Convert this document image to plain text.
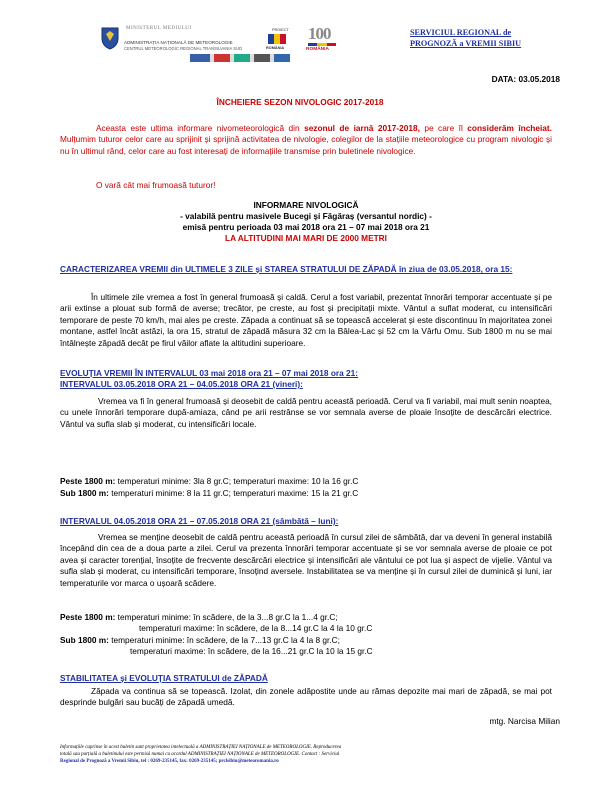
MINISTERUL MEDIULUI
ADMINISTRAȚIA NAȚIONALĂ DE METEOROLOGIE
CENTRUL METEOROLOGIC REGIONAL TRANSILVANIA SUD
PROIECT
ROMÂNIA
100
ROMÂNIA
SERVICIUL REGIONAL de
PROGNOZĂ a VREMII SIBIU
DATA: 03.05.2018
ÎNCHEIERE SEZON NIVOLOGIC 2017-2018
Aceasta este ultima informare nivometeorologică din sezonul de iarnă 2017-2018, pe care îl considerăm încheiat. Mulțumim tuturor celor care au sprijinit și sprijină activitatea de nivologie, colegilor de la stațiile meteorologice cu program nivologic și nu în ultimul rând, celor care au fost interesați de informațiile transmise prin buletinele nivologice.
O vară cât mai frumoasă tuturor!
INFORMARE NIVOLOGICĂ
- valabilă pentru masivele Bucegi și Făgăraș (versantul nordic) -
emisă pentru perioada 03 mai 2018 ora 21 – 07 mai 2018 ora 21
LA ALTITUDINI MAI MARI DE 2000 METRI
CARACTERIZAREA VREMII din ULTIMELE 3 ZILE și STAREA STRATULUI DE ZĂPADĂ în ziua de 03.05.2018, ora 15:
În ultimele zile vremea a fost în general frumoasă și caldă. Cerul a fost variabil, prezentat înnorări temporar accentuate și pe arii extinse a plouat sub formă de averse; trecător, pe creste, au fost și precipitații mixte. Vântul a suflat moderat, cu intensificări temporare de peste 70 km/h, mai ales pe creste. Zăpada a continuat să se topească accelerat și este discontinuu în majoritatea zonei montane, astfel încât astăzi, la ora 15, stratul de zăpadă măsura 32 cm la Bâlea-Lac și 52 cm la Vârfu Omu. Sub 1800 m nu se mai întâlnește zăpadă decât pe firul văilor aflate la altitudini superioare.
EVOLUȚIA VREMII ÎN INTERVALUL 03 mai 2018 ora 21 – 07 mai 2018 ora 21:
INTERVALUL 03.05.2018 ORA 21 – 04.05.2018 ORA 21 (vineri):
Vremea va fi în general frumoasă și deosebit de caldă pentru această perioadă. Cerul va fi variabil, mai mult senin noaptea, cu unele înnorări temporare după-amiaza, când pe arii restrânse se vor semnala averse de ploaie însoțite de descărcări electrice. Vântul va sufla slab și moderat, cu intensificări locale.
Peste 1800 m: temperaturi minime: 3la 8 gr.C; temperaturi maxime: 10 la 16 gr.C
Sub 1800 m: temperaturi minime: 8 la 11 gr.C; temperaturi maxime: 15 la 21 gr.C
INTERVALUL 04.05.2018 ORA 21 – 07.05.2018 ORA 21 (sâmbătă – luni):
Vremea se menține deosebit de caldă pentru această perioadă în cursul zilei de sâmbătă, dar va deveni în general instabilă începând din cea de a doua parte a zilei. Cerul va prezenta înnorări temporar accentuate și se vor semnala averse de ploaie ce pot avea și caracter torențial, însoțite de frecvente descărcări electrice și intensificări ale vântului ce pot lua și aspect de vijelie. Vântul va sufla slab și moderat, cu intensificări temporare, însoțind aversele. Instabilitatea se va menține și în cursul zilei de duminică și luni, iar temperaturile vor marca o ușoară scădere.
Peste 1800 m: temperaturi minime: în scădere, de la 3...8 gr.C la 1...4 gr.C;
temperaturi maxime: în scădere, de la 8...14 gr.C la 4 la 10 gr.C
Sub 1800 m: temperaturi minime: în scădere, de la 7...13 gr.C la 4 la 8 gr.C;
temperaturi maxime: în scădere, de la 16...21 gr.C la 10 la 15 gr.C
STABILITATEA și EVOLUȚIA STRATULUI de ZĂPADĂ
Zăpada va continua să se topească. Izolat, din zonele adăpostite unde au rămas depozite mai mari de zăpadă, se mai pot desprinde bulgări sau bucăți de zăpadă umedă.
mtg. Narcisa Milian
Informațiile cuprinse în acest buletin sunt proprietatea intelectuală a ADMINISTRAȚIEI NAȚIONALE de METEOROLOGIE. Reproducerea
totală sau parțială a buletinului este permisă numai cu acordul ADMINISTRAȚIEI NAȚIONALE de METEOROLOGIE. Contact : Serviciul
Regional de Prognoză a Vremii Sibiu, tel : 0269-235145, fax: 0269-235145; prclsibiu@meteoromania.ro
